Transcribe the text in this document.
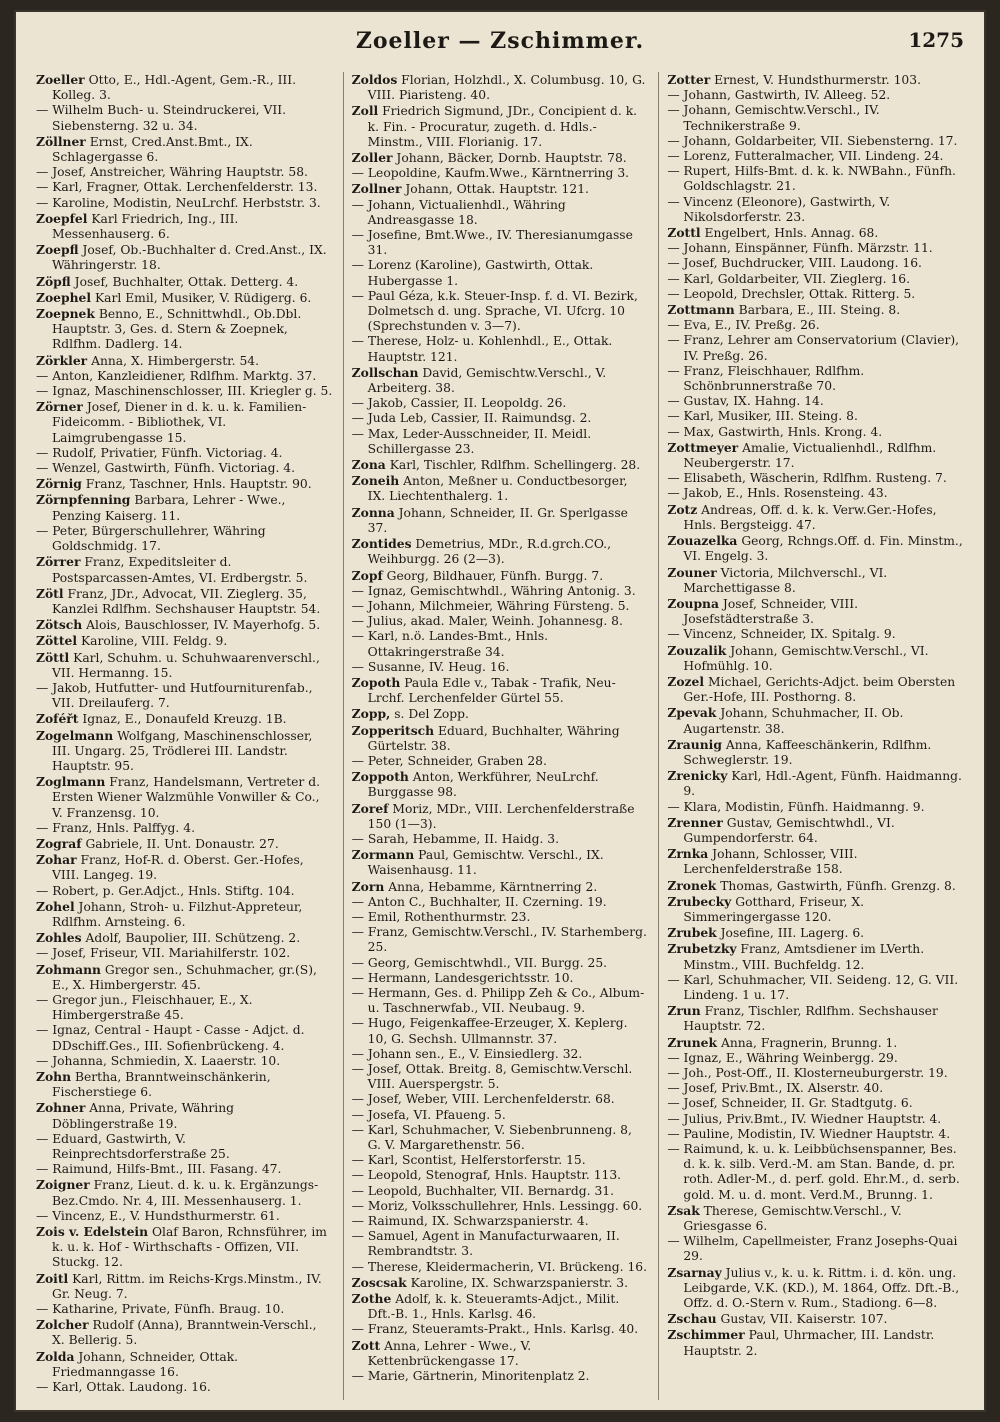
Zoeller — Zschimmer.	1275

Zoeller Otto, E., Hdl.-Agent, Gem.-R., III. Kolleg. 3.

— Wilhelm Buch- u. Steindruckerei, VII. Siebensterng. 32 u. 34.

Zöllner Ernst, Cred.Anst.Bmt., IX. Schlagergasse 6.

— Josef, Anstreicher, Währing Hauptstr. 58.

— Karl, Fragner, Ottak. Lerchenfelderstr. 13.

— Karoline, Modistin, NeuLrchf. Herbststr. 3.

Zoepfel Karl Friedrich, Ing., III. Messenhauserg. 6.

Zoepfl Josef, Ob.-Buchhalter d. Cred.Anst., IX. Währingerstr. 18.

Zöpfl Josef, Buchhalter, Ottak. Detterg. 4.

Zoephel Karl Emil, Musiker, V. Rüdigerg. 6.

Zoepnek Benno, E., Schnittwhdl., Ob.Dbl. Hauptstr. 3, Ges. d. Stern & Zoepnek, Rdlfhm. Dadlerg. 14.

Zörkler Anna, X. Himbergerstr. 54.

— Anton, Kanzleidiener, Rdlfhm. Marktg. 37.

— Ignaz, Maschinenschlosser, III. Kriegler g. 5.

Zörner Josef, Diener in d. k. u. k. Familien-Fideicomm. - Bibliothek, VI. Laimgrubengasse 15.

— Rudolf, Privatier, Fünfh. Victoriag. 4.

— Wenzel, Gastwirth, Fünfh. Victoriag. 4.

Zörnig Franz, Taschner, Hnls. Hauptstr. 90.

Zörnpfenning Barbara, Lehrer - Wwe., Penzing Kaiserg. 11.

— Peter, Bürgerschullehrer, Währing Goldschmidg. 17.

Zörrer Franz, Expeditsleiter d. Postsparcassen-Amtes, VI. Erdbergstr. 5.

Zötl Franz, JDr., Advocat, VII. Zieglerg. 35, Kanzlei Rdlfhm. Sechshauser Hauptstr. 54.

Zötsch Alois, Bauschlosser, IV. Mayerhofg. 5.

Zöttel Karoline, VIII. Feldg. 9.

Zöttl Karl, Schuhm. u. Schuhwaarenverschl., VII. Hermanng. 15.

— Jakob, Hutfutter- und Hutfourniturenfab., VII. Dreilauferg. 7.

Zoféřt Ignaz, E., Donaufeld Kreuzg. 1B.

Zogelmann Wolfgang, Maschinenschlosser, III. Ungarg. 25, Trödlerei III. Landstr. Hauptstr. 95.

Zoglmann Franz, Handelsmann, Vertreter d. Ersten Wiener Walzmühle Vonwiller & Co., V. Franzensg. 10.

— Franz, Hnls. Palffyg. 4.

Zograf Gabriele, II. Unt. Donaustr. 27.

Zohar Franz, Hof-R. d. Oberst. Ger.-Hofes, VIII. Langeg. 19.

— Robert, p. Ger.Adjct., Hnls. Stiftg. 104.

Zohel Johann, Stroh- u. Filzhut-Appreteur, Rdlfhm. Arnsteing. 6.

Zohles Adolf, Baupolier, III. Schützeng. 2.

— Josef, Friseur, VII. Mariahilferstr. 102.

Zohmann Gregor sen., Schuhmacher, gr.(S), E., X. Himbergerstr. 45.

— Gregor jun., Fleischhauer, E., X. Himbergerstraße 45.

— Ignaz, Central - Haupt - Casse - Adjct. d. DDschiff.Ges., III. Sofienbrückeng. 4.

— Johanna, Schmiedin, X. Laaerstr. 10.

Zohn Bertha, Branntweinschänkerin, Fischerstiege 6.

Zohner Anna, Private, Währing Döblingerstraße 19.

— Eduard, Gastwirth, V. Reinprechtsdorferstraße 25.

— Raimund, Hilfs-Bmt., III. Fasang. 47.

Zoigner Franz, Lieut. d. k. u. k. Ergänzungs-Bez.Cmdo. Nr. 4, III. Messenhauserg. 1.

— Vincenz, E., V. Hundsthurmerstr. 61.

Zois v. Edelstein Olaf Baron, Rchnsführer, im k. u. k. Hof - Wirthschafts - Offizen, VII. Stuckg. 12.

Zoitl Karl, Rittm. im Reichs-Krgs.Minstm., IV. Gr. Neug. 7.

— Katharine, Private, Fünfh. Braug. 10.

Zolcher Rudolf (Anna), Branntwein-Verschl., X. Bellerig. 5.

Zolda Johann, Schneider, Ottak. Friedmanngasse 16.

— Karl, Ottak. Laudong. 16.

Zoldos Florian, Holzhdl., X. Columbusg. 10, G. VIII. Piaristeng. 40.

Zoll Friedrich Sigmund, JDr., Concipient d. k. k. Fin. - Procuratur, zugeth. d. Hdls.-Minstm., VIII. Florianig. 17.

Zoller Johann, Bäcker, Dornb. Hauptstr. 78.

— Leopoldine, Kaufm.Wwe., Kärntnerring 3.

Zollner Johann, Ottak. Hauptstr. 121.

— Johann, Victualienhdl., Währing Andreasgasse 18.

— Josefine, Bmt.Wwe., IV. Theresianumgasse 31.

— Lorenz (Karoline), Gastwirth, Ottak. Hubergasse 1.

— Paul Géza, k.k. Steuer-Insp. f. d. VI. Bezirk, Dolmetsch d. ung. Sprache, VI. Ufcrg. 10 (Sprechstunden v. 3—7).

— Therese, Holz- u. Kohlenhdl., E., Ottak. Hauptstr. 121.

Zollschan David, Gemischtw.Verschl., V. Arbeiterg. 38.

— Jakob, Cassier, II. Leopoldg. 26.

— Juda Leb, Cassier, II. Raimundsg. 2.

— Max, Leder-Ausschneider, II. Meidl. Schillergasse 23.

Zona Karl, Tischler, Rdlfhm. Schellingerg. 28.

Zoneih Anton, Meßner u. Conductbesorger, IX. Liechtenthalerg. 1.

Zonna Johann, Schneider, II. Gr. Sperlgasse 37.

Zontides Demetrius, MDr., R.d.grch.CO., Weihburgg. 26 (2—3).

Zopf Georg, Bildhauer, Fünfh. Burgg. 7.

— Ignaz, Gemischtwhdl., Währing Antonig. 3.

— Johann, Milchmeier, Währing Fürsteng. 5.

— Julius, akad. Maler, Weinh. Johannesg. 8.

— Karl, n.ö. Landes-Bmt., Hnls. Ottakringerstraße 34.

— Susanne, IV. Heug. 16.

Zopoth Paula Edle v., Tabak - Trafik, Neu-Lrchf. Lerchenfelder Gürtel 55.

Zopp, s. Del Zopp.

Zopperitsch Eduard, Buchhalter, Währing Gürtelstr. 38.

— Peter, Schneider, Graben 28.

Zoppoth Anton, Werkführer, NeuLrchf. Burggasse 98.

Zoref Moriz, MDr., VIII. Lerchenfelderstraße 150 (1—3).

— Sarah, Hebamme, II. Haidg. 3.

Zormann Paul, Gemischtw. Verschl., IX. Waisenhausg. 11.

Zorn Anna, Hebamme, Kärntnerring 2.

— Anton C., Buchhalter, II. Czerning. 19.

— Emil, Rothenthurmstr. 23.

— Franz, Gemischtw.Verschl., IV. Starhemberg. 25.

— Georg, Gemischtwhdl., VII. Burgg. 25.

— Hermann, Landesgerichtsstr. 10.

— Hermann, Ges. d. Philipp Zeh & Co., Album- u. Taschnerwfab., VII. Neubaug. 9.

— Hugo, Feigenkaffee-Erzeuger, X. Keplerg. 10, G. Sechsh. Ullmannstr. 37.

— Johann sen., E., V. Einsiedlerg. 32.

— Josef, Ottak. Breitg. 8, Gemischtw.Verschl. VIII. Auerspergstr. 5.

— Josef, Weber, VIII. Lerchenfelderstr. 68.

— Josefa, VI. Pfaueng. 5.

— Karl, Schuhmacher, V. Siebenbrunneng. 8, G. V. Margarethenstr. 56.

— Karl, Scontist, Helferstorferstr. 15.

— Leopold, Stenograf, Hnls. Hauptstr. 113.

— Leopold, Buchhalter, VII. Bernardg. 31.

— Moriz, Volksschullehrer, Hnls. Lessingg. 60.

— Raimund, IX. Schwarzspanierstr. 4.

— Samuel, Agent in Manufacturwaaren, II. Rembrandtstr. 3.

— Therese, Kleidermacherin, VI. Brückeng. 16.

Zoscsak Karoline, IX. Schwarzspanierstr. 3.

Zothe Adolf, k. k. Steueramts-Adjct., Milit. Dft.-B. 1., Hnls. Karlsg. 46.

— Franz, Steueramts-Prakt., Hnls. Karlsg. 40.

Zott Anna, Lehrer - Wwe., V. Kettenbrückengasse 17.

— Marie, Gärtnerin, Minoritenplatz 2.

Zotter Ernest, V. Hundsthurmerstr. 103.

— Johann, Gastwirth, IV. Alleeg. 52.

— Johann, Gemischtw.Verschl., IV. Technikerstraße 9.

— Johann, Goldarbeiter, VII. Siebensterng. 17.

— Lorenz, Futteralmacher, VII. Lindeng. 24.

— Rupert, Hilfs-Bmt. d. k. k. NWBahn., Fünfh. Goldschlagstr. 21.

— Vincenz (Eleonore), Gastwirth, V. Nikolsdorferstr. 23.

Zottl Engelbert, Hnls. Annag. 68.

— Johann, Einspänner, Fünfh. Märzstr. 11.

— Josef, Buchdrucker, VIII. Laudong. 16.

— Karl, Goldarbeiter, VII. Zieglerg. 16.

— Leopold, Drechsler, Ottak. Ritterg. 5.

Zottmann Barbara, E., III. Steing. 8.

— Eva, E., IV. Preßg. 26.

— Franz, Lehrer am Conservatorium (Clavier), IV. Preßg. 26.

— Franz, Fleischhauer, Rdlfhm. Schönbrunnerstraße 70.

— Gustav, IX. Hahng. 14.

— Karl, Musiker, III. Steing. 8.

— Max, Gastwirth, Hnls. Krong. 4.

Zottmeyer Amalie, Victualienhdl., Rdlfhm. Neubergerstr. 17.

— Elisabeth, Wäscherin, Rdlfhm. Rusteng. 7.

— Jakob, E., Hnls. Rosensteing. 43.

Zotz Andreas, Off. d. k. k. Verw.Ger.-Hofes, Hnls. Bergsteigg. 47.

Zouazelka Georg, Rchngs.Off. d. Fin. Minstm., VI. Engelg. 3.

Zouner Victoria, Milchverschl., VI. Marchettigasse 8.

Zoupna Josef, Schneider, VIII. Josefstädterstraße 3.

— Vincenz, Schneider, IX. Spitalg. 9.

Zouzalik Johann, Gemischtw.Verschl., VI. Hofmühlg. 10.

Zozel Michael, Gerichts-Adjct. beim Obersten Ger.-Hofe, III. Posthorng. 8.

Zpevak Johann, Schuhmacher, II. Ob. Augartenstr. 38.

Zraunig Anna, Kaffeeschänkerin, Rdlfhm. Schweglerstr. 19.

Zrenicky Karl, Hdl.-Agent, Fünfh. Haidmanng. 9.

— Klara, Modistin, Fünfh. Haidmanng. 9.

Zrenner Gustav, Gemischtwhdl., VI. Gumpendorferstr. 64.

Zrnka Johann, Schlosser, VIII. Lerchenfelderstraße 158.

Zronek Thomas, Gastwirth, Fünfh. Grenzg. 8.

Zrubecky Gotthard, Friseur, X. Simmeringergasse 120.

Zrubek Josefine, III. Lagerg. 6.

Zrubetzky Franz, Amtsdiener im LVerth. Minstm., VIII. Buchfeldg. 12.

— Karl, Schuhmacher, VII. Seideng. 12, G. VII. Lindeng. 1 u. 17.

Zrun Franz, Tischler, Rdlfhm. Sechshauser Hauptstr. 72.

Zrunek Anna, Fragnerin, Brunng. 1.

— Ignaz, E., Währing Weinbergg. 29.

— Joh., Post-Off., II. Klosterneuburgerstr. 19.

— Josef, Priv.Bmt., IX. Alserstr. 40.

— Josef, Schneider, II. Gr. Stadtgutg. 6.

— Julius, Priv.Bmt., IV. Wiedner Hauptstr. 4.

— Pauline, Modistin, IV. Wiedner Hauptstr. 4.

— Raimund, k. u. k. Leibbüchsenspanner, Bes. d. k. k. silb. Verd.-M. am Stan. Bande, d. pr. roth. Adler-M., d. perf. gold. Ehr.M., d. serb. gold. M. u. d. mont. Verd.M., Brunng. 1.

Zsak Therese, Gemischtw.Verschl., V. Griesgasse 6.

— Wilhelm, Capellmeister, Franz Josephs-Quai 29.

Zsarnay Julius v., k. u. k. Rittm. i. d. kön. ung. Leibgarde, V.K. (KD.), M. 1864, Offz. Dft.-B., Offz. d. O.-Stern v. Rum., Stadiong. 6—8.

Zschau Gustav, VII. Kaiserstr. 107.

Zschimmer Paul, Uhrmacher, III. Landstr. Hauptstr. 2.
